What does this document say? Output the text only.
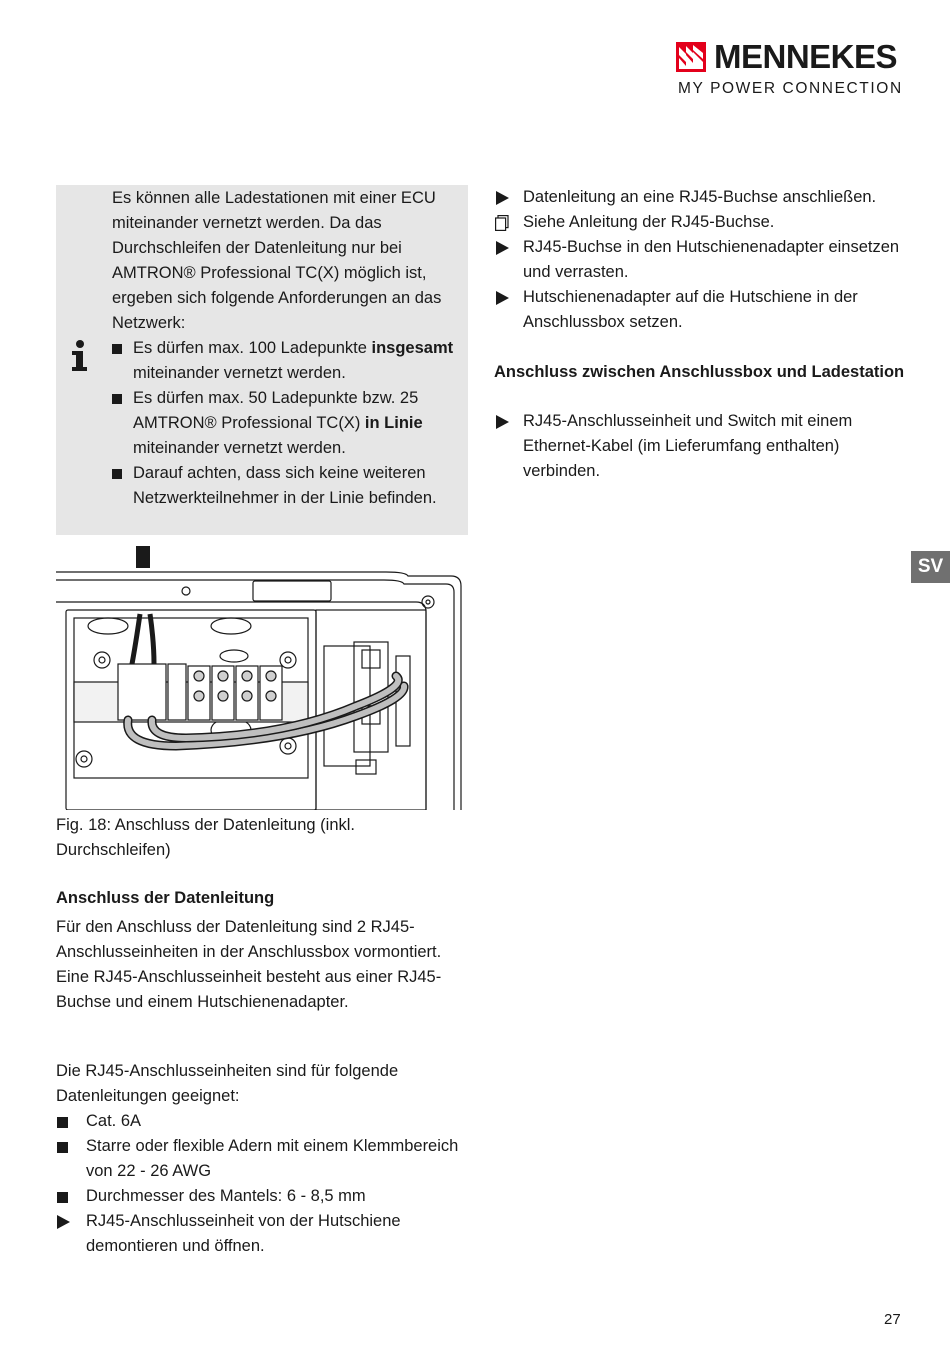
MENNEKES
MY POWER CONNECTION

Es können alle Ladestationen mit einer ECU miteinander vernetzt werden. Da das Durchschleifen der Datenleitung nur bei AMTRON® Professional TC(X) möglich ist, ergeben sich folgende Anforderungen an das Netzwerk:

Es dürfen max. 100 Ladepunkte insgesamt miteinander vernetzt werden.
Es dürfen max. 50 Ladepunkte bzw. 25 AMTRON® Professional TC(X) in Linie miteinander vernetzt werden.
Darauf achten, dass sich keine weiteren Netzwerkteilnehmer in der Linie befinden.
Fig. 18: Anschluss der Datenleitung (inkl. Durchschleifen)
Anschluss der Datenleitung

Für den Anschluss der Datenleitung sind 2 RJ45-Anschlusseinheiten in der Anschlussbox vormontiert. Eine RJ45-Anschlusseinheit besteht aus einer RJ45-Buchse und einem Hutschienenadapter.

Die RJ45-Anschlusseinheiten sind für folgende Datenleitungen geeignet:

Cat. 6A
Starre oder flexible Adern mit einem Klemmbereich von 22 - 26 AWG
Durchmesser des Mantels: 6 - 8,5 mm
RJ45-Anschlusseinheit von der Hutschiene demontieren und öffnen.
Datenleitung an eine RJ45-Buchse anschließen.
Siehe Anleitung der RJ45-Buchse.
RJ45-Buchse in den Hutschienenadapter einsetzen und verrasten.
Hutschienenadapter auf die Hutschiene in der Anschlussbox setzen.
Anschluss zwischen Anschlussbox und Ladestation
RJ45-Anschlusseinheit und Switch mit einem Ethernet-Kabel (im Lieferumfang enthalten) verbinden.
SV
27
